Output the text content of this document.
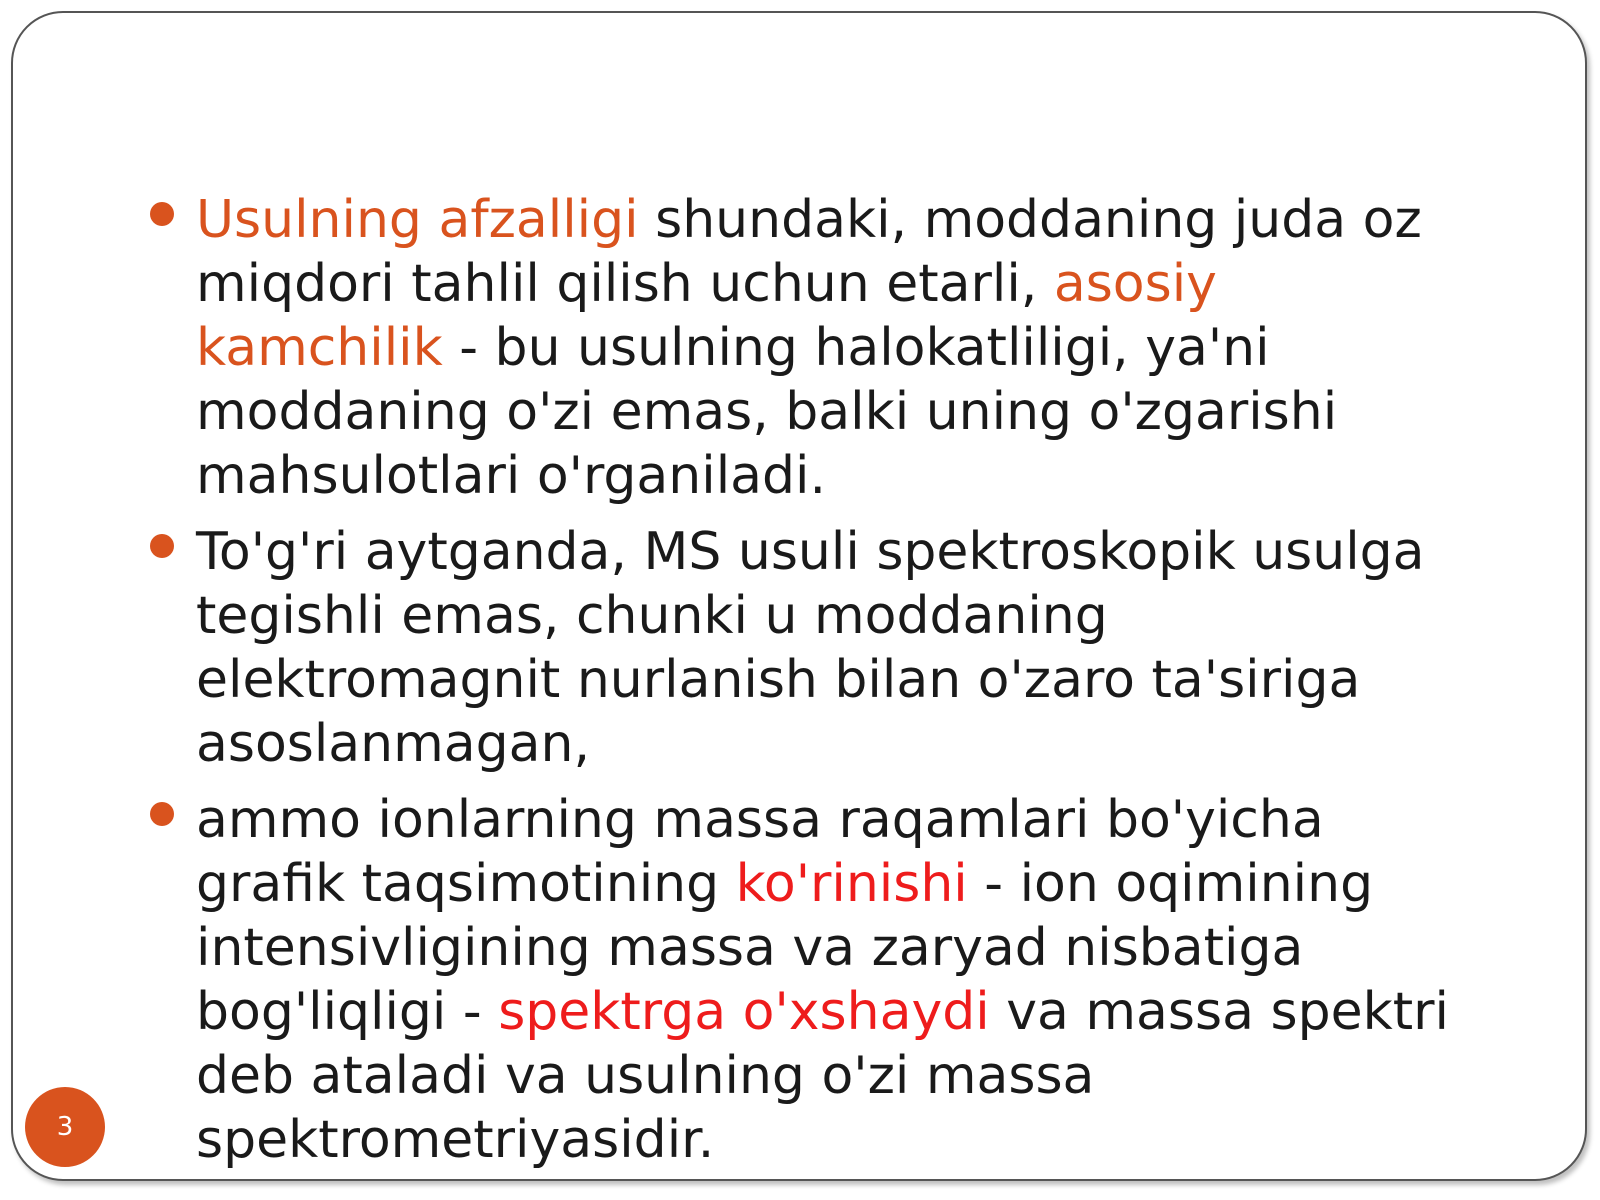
Usulning afzalligi shundaki, moddaning juda oz miqdori tahlil qilish uchun etarli, asosiy kamchilik - bu usulning halokatliligi, ya'ni moddaning o'zi emas, balki uning o'zgarishi mahsulotlari o'rganiladi.
To'g'ri aytganda, MS usuli spektroskopik usulga tegishli emas, chunki u moddaning elektromagnit nurlanish bilan o'zaro ta'siriga asoslanmagan,
ammo ionlarning massa raqamlari bo'yicha grafik taqsimotining ko'rinishi - ion oqimining intensivligining massa va zaryad nisbatiga bog'liqligi - spektrga o'xshaydi va massa spektri deb ataladi va usulning o'zi massa spektrometriyasidir.
3
